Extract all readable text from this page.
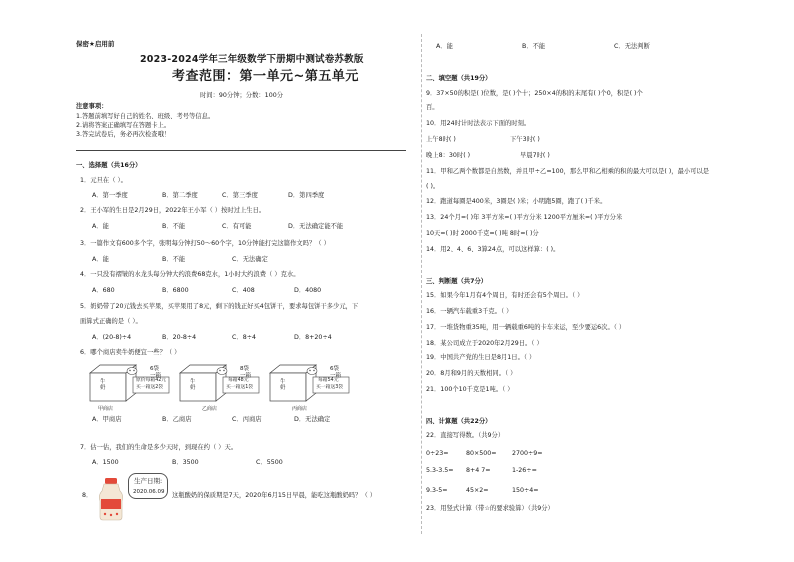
保密★启用前
2023-2024学年三年级数学下册期中测试卷苏教版
考查范围：第一单元~第五单元
时间：90分钟；分数：100分
注意事项：
1.答题前填写好自己的姓名、班级、考号等信息。
2.请将答案正确填写在答题卡上。
3.答完试卷后，务必再次检查哦！
一、选择题（共16分）
1．元旦在（ ）。
A．第一季度	B．第二季度	C．第三季度	D．第四季度
2．王小军的生日是2月29日，2022年王小军（ ）按时过上生日。
A．能	B．不能	C．有可能	D．无法确定能不能
3．一篇作文有600多个字，张明每分钟打50～60个字，10分钟能打完这篇作文吗？（ ）
A．能	B．不能	C．无法确定
4．一只没有褶皱的水龙头每分钟大约浪费68克水，1小时大约浪费（ ）克水。
A．680	B．6800	C．408	D．4080
5．奶奶带了20元钱去买苹果，买苹果用了8元，剩下的钱正好买4包饼干，要求每包饼干多少元，下
面算式正确的是（ ）。
A．(20-8)÷4	B．20-8÷4	C．8÷4	D．8+20÷4
6．哪个商店卖牛奶便宜一些？（ ）
牛奶
6袋
一箱
原价每箱42元
买一箱送2袋
甲商店
牛奶
8袋
一箱
每箱48元
买一箱送1袋
乙商店
牛奶
6袋
一箱
每箱54元
买一箱送3袋
丙商店
A．甲商店	B．乙商店	C．丙商店	D．无法确定
7．估一估，我们的生命是多少天时，到现在约（ ）天。
A．1500	B．3500	C．5500
8．
生产日期:
2020.06.09 这瓶酸奶的保质期是7天，2020年6月15日早晨，能吃这瓶酸奶吗？（ ）
A．能	B．不能	C．无法判断
二、填空题（共19分）
9．37×50的积是( )位数，是( )个十；250×4的积的末尾有( )个0，积是( )个
百。
10．用24时计时法表示下面的时刻。
上午8时( )	下午3时( )
晚上8：30时( )	早晨7时( )
11．甲和乙两个数都是自然数，并且甲÷乙=100，那么甲和乙相乘的积的最大可以是( )，最小可以是
( )。
12．跑道每圈是400米，3圈是( )米；小明跑5圈，跑了( )千米。
13．24个月=( )年 3平方米=( )平方分米 1200平方厘米=( )平方分米
10天=( )时 2000千克=( )吨 8时=( )分
14．用2、4、6、3算24点，可以这样算：( )。
三、判断题（共7分）
15．如果今年1月有4个周日，有时还会有5个周日。（ ）
16．一辆汽车载重3千克。（ ）
17．一堆货物重35吨，用一辆载重6吨的卡车来运，至少要运6次。（ ）
18．某公司成立于2020年2月29日。（ ）
19．中国共产党的生日是8月1日。（ ）
20．8月和9月的天数相同。（ ）
21．100个10千克是1吨。（ ）
四、计算题（共22分）
22．直接写得数。（共9分）
0÷23=	80×500= 2700÷9=
5.3-3.5= 8+4 7=	1-26÷=
9.3-5=	45×2=	150÷4=
23．用竖式计算（带☆的要求验算）（共9分）
